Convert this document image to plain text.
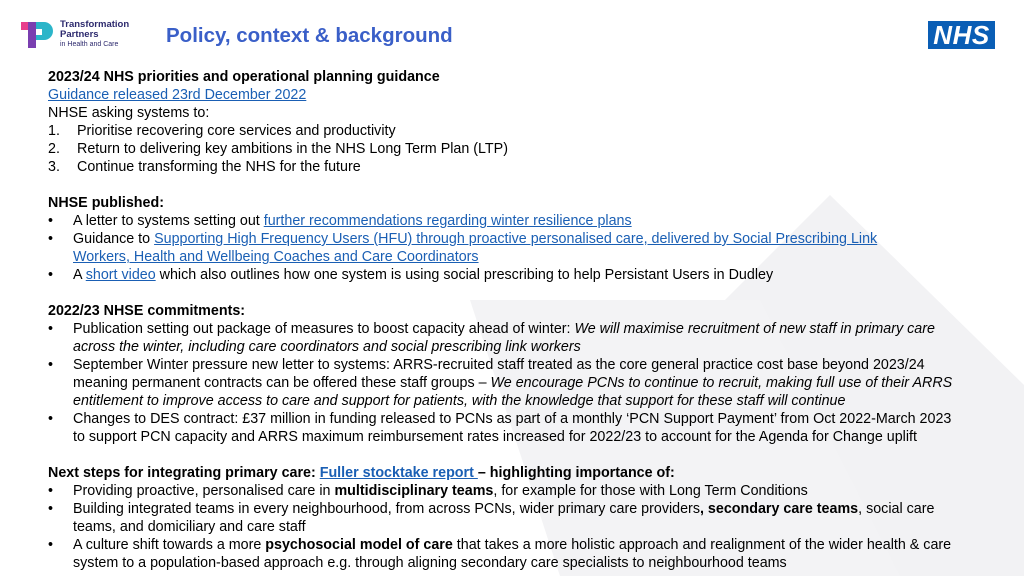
Transformation
Partners
in Health and Care	Policy, context & background	NHS
2023/24 NHS priorities and operational planning guidance
Guidance released 23rd December 2022
NHSE asking systems to:
1. Prioritise recovering core services and productivity
2. Return to delivering key ambitions in the NHS Long Term Plan (LTP)
3. Continue transforming the NHS for the future
NHSE published:
• A letter to systems setting out further recommendations regarding winter resilience plans
• Guidance to Supporting High Frequency Users (HFU) through proactive personalised care, delivered by Social Prescribing Link
Workers, Health and Wellbeing Coaches and Care Coordinators
• A short video which also outlines how one system is using social prescribing to help Persistant Users in Dudley
2022/23 NHSE commitments:
• Publication setting out package of measures to boost capacity ahead of winter: We will maximise recruitment of new staff in primary care
across the winter, including care coordinators and social prescribing link workers
• September Winter pressure new letter to systems: ARRS-recruited staff treated as the core general practice cost base beyond 2023/24
meaning permanent contracts can be offered these staff groups – We encourage PCNs to continue to recruit, making full use of their ARRS
entitlement to improve access to care and support for patients, with the knowledge that support for these staff will continue
• Changes to DES contract: £37 million in funding released to PCNs as part of a monthly ‘PCN Support Payment’ from Oct 2022-March 2023
to support PCN capacity and ARRS maximum reimbursement rates increased for 2022/23 to account for the Agenda for Change uplift
Next steps for integrating primary care: Fuller stocktake report – highlighting importance of:
• Providing proactive, personalised care in multidisciplinary teams, for example for those with Long Term Conditions
• Building integrated teams in every neighbourhood, from across PCNs, wider primary care providers, secondary care teams, social care
teams, and domiciliary and care staff
• A culture shift towards a more psychosocial model of care that takes a more holistic approach and realignment of the wider health & care
system to a population-based approach e.g. through aligning secondary care specialists to neighbourhood teams
